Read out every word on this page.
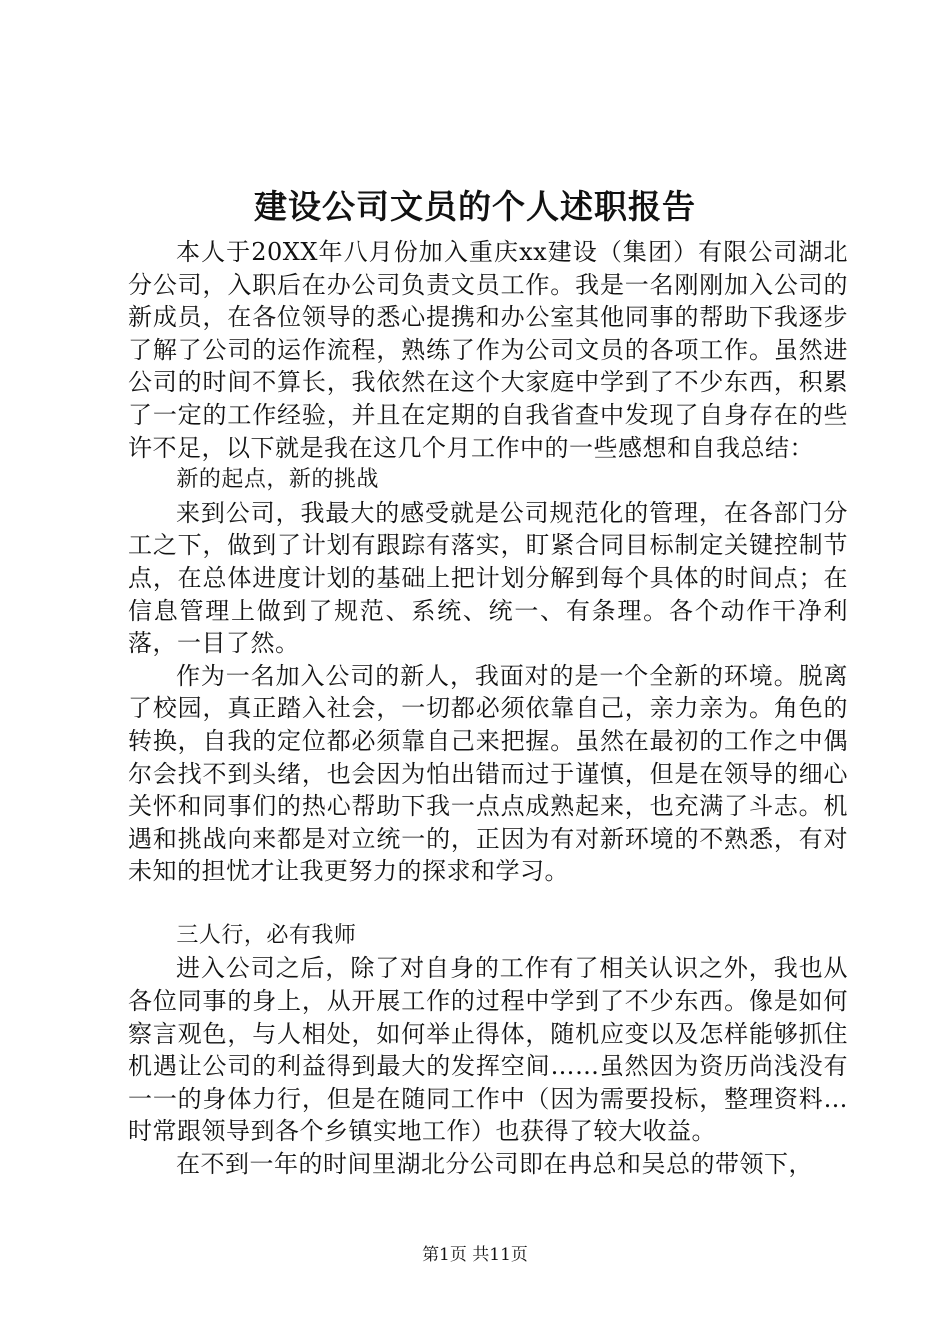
建设公司文员的个人述职报告

本人于20XX年八月份加入重庆xx建设（集团）有限公司湖北分公司，入职后在办公司负责文员工作。我是一名刚刚加入公司的新成员，在各位领导的悉心提携和办公室其他同事的帮助下我逐步了解了公司的运作流程，熟练了作为公司文员的各项工作。虽然进公司的时间不算长，我依然在这个大家庭中学到了不少东西，积累了一定的工作经验，并且在定期的自我省查中发现了自身存在的些许不足，以下就是我在这几个月工作中的一些感想和自我总结：

新的起点，新的挑战

来到公司，我最大的感受就是公司规范化的管理，在各部门分工之下，做到了计划有跟踪有落实，盯紧合同目标制定关键控制节点，在总体进度计划的基础上把计划分解到每个具体的时间点；在信息管理上做到了规范、系统、统一、有条理。各个动作干净利落，一目了然。

作为一名加入公司的新人，我面对的是一个全新的环境。脱离了校园，真正踏入社会，一切都必须依靠自己，亲力亲为。角色的转换，自我的定位都必须靠自己来把握。虽然在最初的工作之中偶尔会找不到头绪，也会因为怕出错而过于谨慎，但是在领导的细心关怀和同事们的热心帮助下我一点点成熟起来，也充满了斗志。机遇和挑战向来都是对立统一的，正因为有对新环境的不熟悉，有对未知的担忧才让我更努力的探求和学习。

三人行，必有我师

进入公司之后，除了对自身的工作有了相关认识之外，我也从各位同事的身上，从开展工作的过程中学到了不少东西。像是如何察言观色，与人相处，如何举止得体，随机应变以及怎样能够抓住机遇让公司的利益得到最大的发挥空间……虽然因为资历尚浅没有一一的身体力行，但是在随同工作中（因为需要投标，整理资料…时常跟领导到各个乡镇实地工作）也获得了较大收益。

在不到一年的时间里湖北分公司即在冉总和吴总的带领下，

第1页 共11页
